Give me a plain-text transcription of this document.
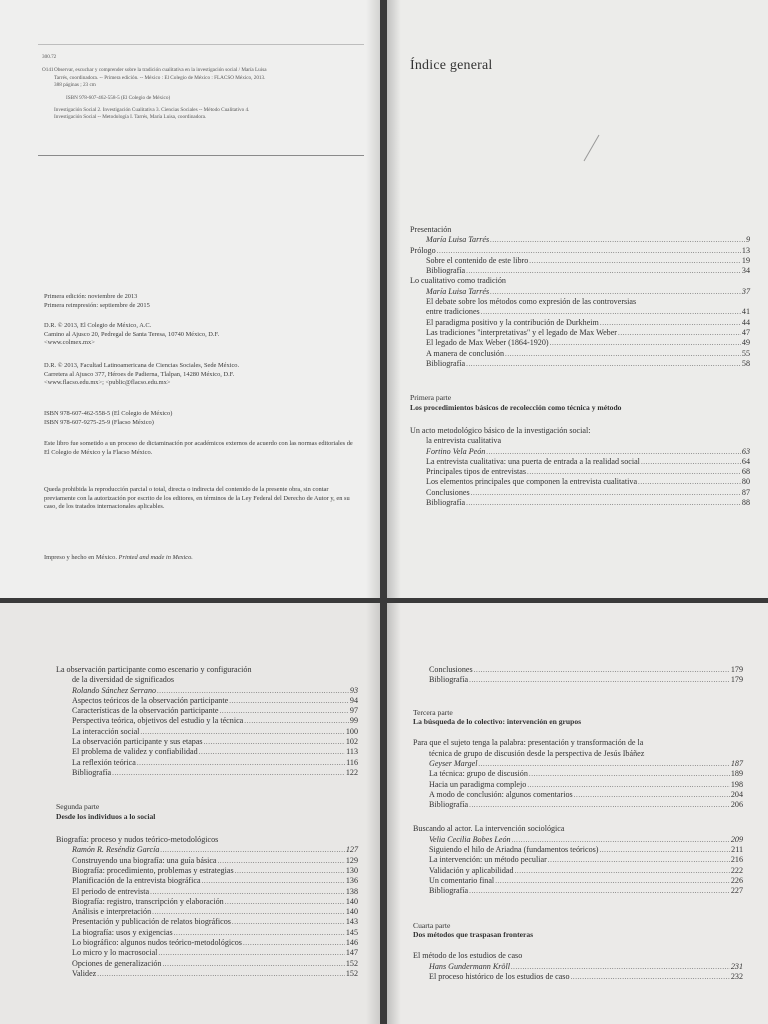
300.72
O141 Observar, escuchar y comprender sobre la tradición cualitativa en la investigación social / María Luisa
Tarrés, coordinadora. -- Primera edición. -- México : El Colegio de México : FLACSO México, 2013.
388 páginas ; 23 cm
ISBN 978-607-462-558-5 (El Colegio de México)
Investigación Social 2. Investigación Cualitativa 3. Ciencias Sociales -- Método Cualitativo 4.
Investigación Social -- Metodología I. Tarrés, María Luisa, coordinadora.
Primera edición: noviembre de 2013
Primera reimpresión: septiembre de 2015
D.R. © 2013, El Colegio de México, A.C.
Camino al Ajusco 20, Pedregal de Santa Teresa, 10740 México, D.F.
<www.colmex.mx>
D.R. © 2013, Facultad Latinoamericana de Ciencias Sociales, Sede México.
Carretera al Ajusco 377, Héroes de Padierna, Tlalpan, 14280 México, D.F.
<www.flacso.edu.mx>; <public@flacso.edu.mx>
ISBN 978-607-462-558-5 (El Colegio de México)
ISBN 978-607-9275-25-9 (Flacso México)
Este libro fue sometido a un proceso de dictaminación por académicos externos de acuerdo con las normas editoriales de El Colegio de México y la Flacso México.
Queda prohibida la reproducción parcial o total, directa o indirecta del contenido de la presente obra, sin contar previamente con la autorización por escrito de los editores, en términos de la Ley Federal del Derecho de Autor y, en su caso, de los tratados internacionales aplicables.
Impreso y hecho en México. Printed and made in Mexico.
Índice general
Presentación
María Luisa Tarrés .....	9
Prólogo .....	13
Sobre el contenido de este libro .....	19
Bibliografía .....	34
Lo cualitativo como tradición
María Luisa Tarrés .....	37
El debate sobre los métodos como expresión de las controversias
entre tradiciones .....	41
El paradigma positivo y la contribución de Durkheim .....	44
Las tradiciones "interpretativas" y el legado de Max Weber .....	47
El legado de Max Weber (1864-1920) .....	49
A manera de conclusión .....	55
Bibliografía .....	58
Primera parte
Los procedimientos básicos de recolección como técnica y método
Un acto metodológico básico de la investigación social:
la entrevista cualitativa
Fortino Vela Peón .....	63
La entrevista cualitativa: una puerta de entrada a la realidad social .....	64
Principales tipos de entrevistas .....	68
Los elementos principales que componen la entrevista cualitativa .....	80
Conclusiones .....	87
Bibliografía .....	88
La observación participante como escenario y configuración
de la diversidad de significados
Rolando Sánchez Serrano .....	93
Aspectos teóricos de la observación participante .....	94
Características de la observación participante .....	97
Perspectiva teórica, objetivos del estudio y la técnica .....	99
La interacción social .....	100
La observación participante y sus etapas .....	102
El problema de validez y confiabilidad .....	113
La reflexión teórica .....	116
Bibliografía .....	122
Segunda parte
Desde los individuos a lo social
Biografía: proceso y nudos teórico-metodológicos
Ramón R. Reséndiz García .....	127
Construyendo una biografía: una guía básica .....	129
Biografía: procedimiento, problemas y estrategias .....	130
Planificación de la entrevista biográfica .....	136
El periodo de entrevista .....	138
Biografía: registro, transcripción y elaboración .....	140
Análisis e interpretación .....	140
Presentación y publicación de relatos biográficos .....	143
La biografía: usos y exigencias .....	145
Lo biográfico: algunos nudos teórico-metodológicos .....	146
Lo micro y lo macrosocial .....	147
Opciones de generalización .....	152
Validez .....	152
Conclusiones .....	179
Bibliografía .....	179
Tercera parte
La búsqueda de lo colectivo: intervención en grupos
Para que el sujeto tenga la palabra: presentación y transformación de la
técnica de grupo de discusión desde la perspectiva de Jesús Ibáñez
Geyser Margel .....	187
La técnica: grupo de discusión .....	189
Hacia un paradigma complejo .....	198
A modo de conclusión: algunos comentarios .....	204
Bibliografía .....	206
Buscando al actor. La intervención sociológica
Velia Cecilia Bobes León .....	209
Siguiendo el hilo de Ariadna (fundamentos teóricos) .....	211
La intervención: un método peculiar .....	216
Validación y aplicabilidad .....	222
Un comentario final .....	226
Bibliografía .....	227
Cuarta parte
Dos métodos que traspasan fronteras
El método de los estudios de caso
Hans Gundermann Kröll .....	231
El proceso histórico de los estudios de caso .....	232
